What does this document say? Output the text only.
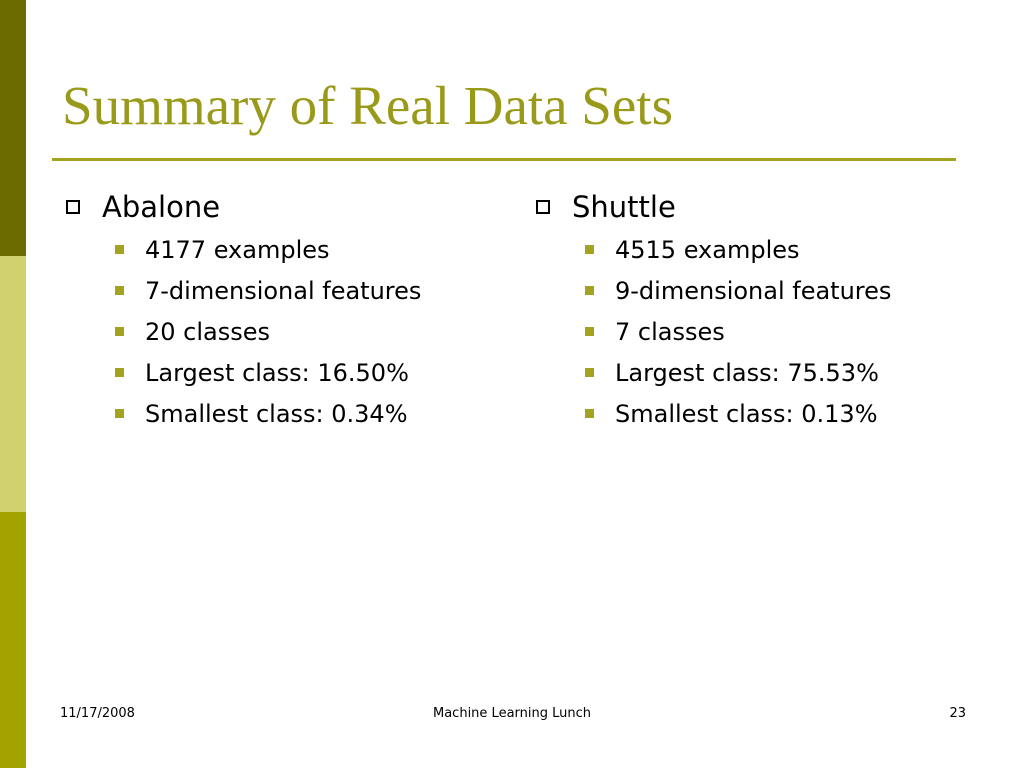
Summary of Real Data Sets
Abalone
4177 examples
7-dimensional features
20 classes
Largest class: 16.50%
Smallest class: 0.34%
Shuttle
4515 examples
9-dimensional features
7 classes
Largest class: 75.53%
Smallest class: 0.13%
11/17/2008	Machine Learning Lunch	23
